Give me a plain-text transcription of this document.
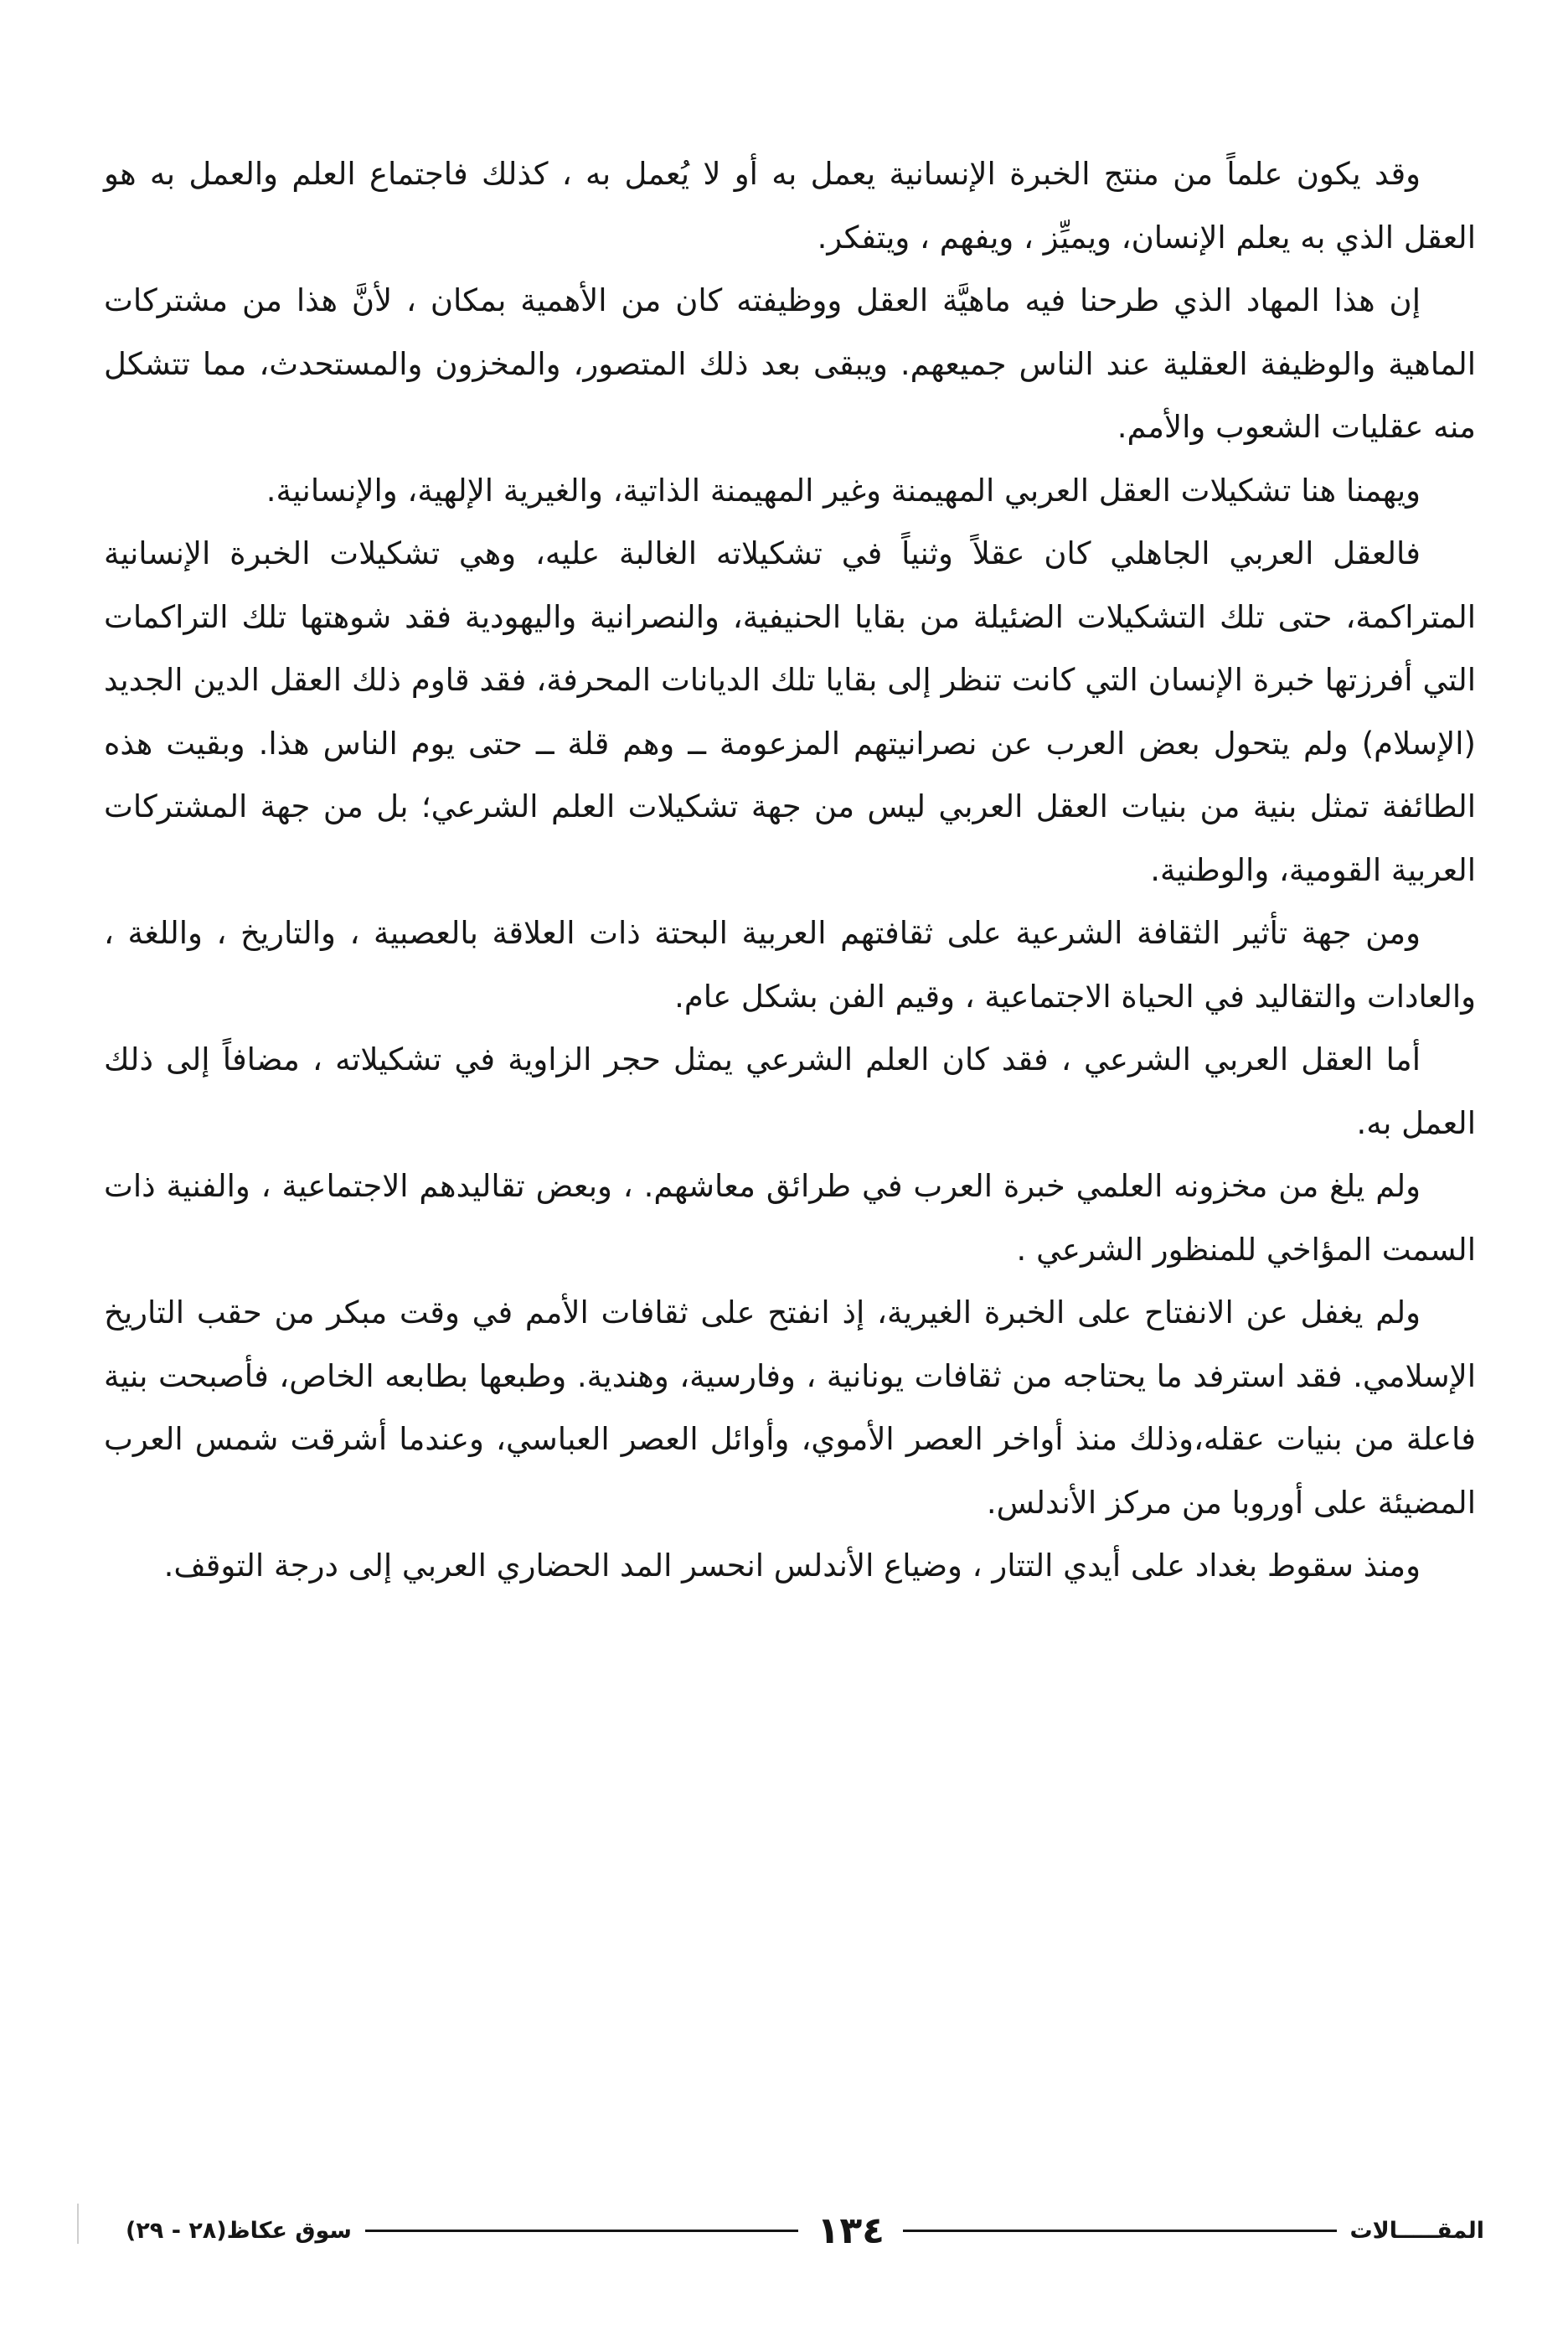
وقد يكون علماً من منتج الخبرة الإنسانية يعمل به أو لا يُعمل به ، كذلك فاجتماع العلم والعمل به هو العقل الذي به يعلم الإنسان، ويميِّز ، ويفهم ، ويتفكر.

إن هذا المهاد الذي طرحنا فيه ماهيَّة العقل ووظيفته كان من الأهمية بمكان ، لأنَّ هذا من مشتركات الماهية والوظيفة العقلية عند الناس جميعهم. ويبقى بعد ذلك المتصور، والمخزون والمستحدث، مما تتشكل منه عقليات الشعوب والأمم.

ويهمنا هنا تشكيلات العقل العربي المهيمنة وغير المهيمنة الذاتية، والغيرية الإلهية، والإنسانية.

فالعقل العربي الجاهلي كان عقلاً وثنياً في تشكيلاته الغالبة عليه، وهي تشكيلات الخبرة الإنسانية المتراكمة، حتى تلك التشكيلات الضئيلة من بقايا الحنيفية، والنصرانية واليهودية فقد شوهتها تلك التراكمات التي أفرزتها خبرة الإنسان التي كانت تنظر إلى بقايا تلك الديانات المحرفة، فقد قاوم ذلك العقل الدين الجديد (الإسلام) ولم يتحول بعض العرب عن نصرانيتهم المزعومة ــ وهم قلة ــ حتى يوم الناس هذا. وبقيت هذه الطائفة تمثل بنية من بنيات العقل العربي ليس من جهة تشكيلات العلم الشرعي؛ بل من جهة المشتركات العربية القومية، والوطنية.

ومن جهة تأثير الثقافة الشرعية على ثقافتهم العربية البحتة ذات العلاقة بالعصبية ، والتاريخ ، واللغة ، والعادات والتقاليد في الحياة الاجتماعية ، وقيم الفن بشكل عام.

أما العقل العربي الشرعي ، فقد كان العلم الشرعي يمثل حجر الزاوية في تشكيلاته ، مضافاً إلى ذلك العمل به.

ولم يلغ من مخزونه العلمي خبرة العرب في طرائق معاشهم. ، وبعض تقاليدهم الاجتماعية ، والفنية ذات السمت المؤاخي للمنظور الشرعي .

ولم يغفل عن الانفتاح على الخبرة الغيرية، إذ انفتح على ثقافات الأمم في وقت مبكر من حقب التاريخ الإسلامي. فقد استرفد ما يحتاجه من ثقافات يونانية ، وفارسية، وهندية. وطبعها بطابعه الخاص، فأصبحت بنية فاعلة من بنيات عقله،وذلك منذ أواخر العصر الأموي، وأوائل العصر العباسي، وعندما أشرقت شمس العرب المضيئة على أوروبا من مركز الأندلس.

ومنذ سقوط بغداد على أيدي التتار ، وضياع الأندلس انحسر المد الحضاري العربي إلى درجة التوقف.

المقـــــالات
١٣٤
سوق عكاظ(٢٨ - ٢٩)
